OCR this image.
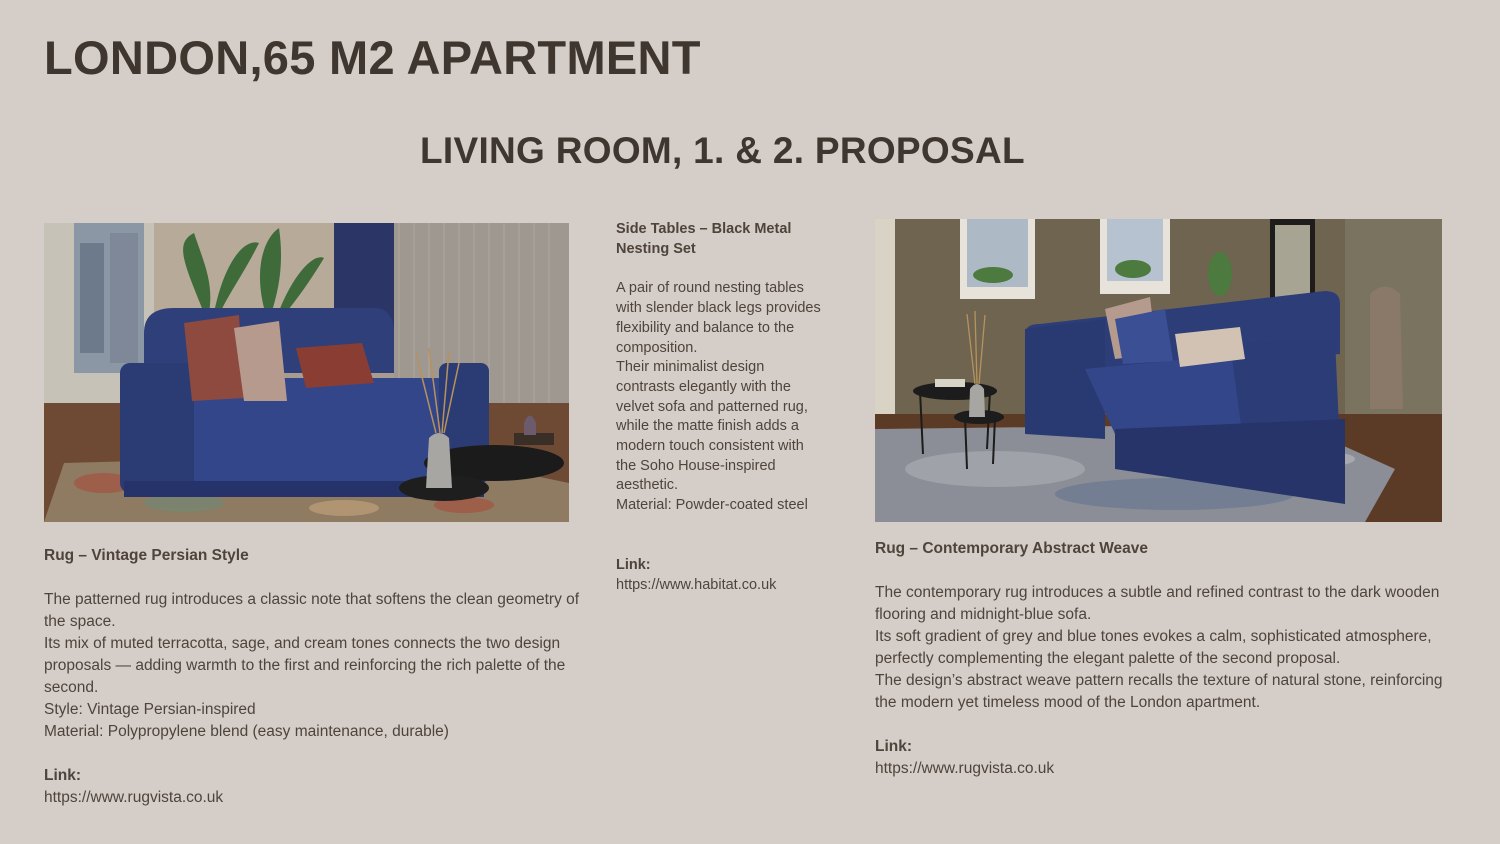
LONDON,65 M2 APARTMENT
LIVING ROOM, 1. & 2. PROPOSAL

Rug – Vintage Persian Style

The patterned rug introduces a classic note that softens the clean geometry of the space.

Its mix of muted terracotta, sage, and cream tones connects the two design proposals — adding warmth to the first and reinforcing the rich palette of the second.

Style: Vintage Persian-inspired

Material: Polypropylene blend (easy maintenance, durable)

Link:

https://www.rugvista.co.uk

Side Tables – Black Metal Nesting Set

A pair of round nesting tables with slender black legs provides flexibility and balance to the composition.

Their minimalist design contrasts elegantly with the velvet sofa and patterned rug, while the matte finish adds a modern touch consistent with the Soho House-inspired aesthetic.

Material: Powder-coated steel

Link:

https://www.habitat.co.uk

Rug – Contemporary Abstract Weave

The contemporary rug introduces a subtle and refined contrast to the dark wooden flooring and midnight-blue sofa.

Its soft gradient of grey and blue tones evokes a calm, sophisticated atmosphere, perfectly complementing the elegant palette of the second proposal.

The design’s abstract weave pattern recalls the texture of natural stone, reinforcing the modern yet timeless mood of the London apartment.

Link:

https://www.rugvista.co.uk
